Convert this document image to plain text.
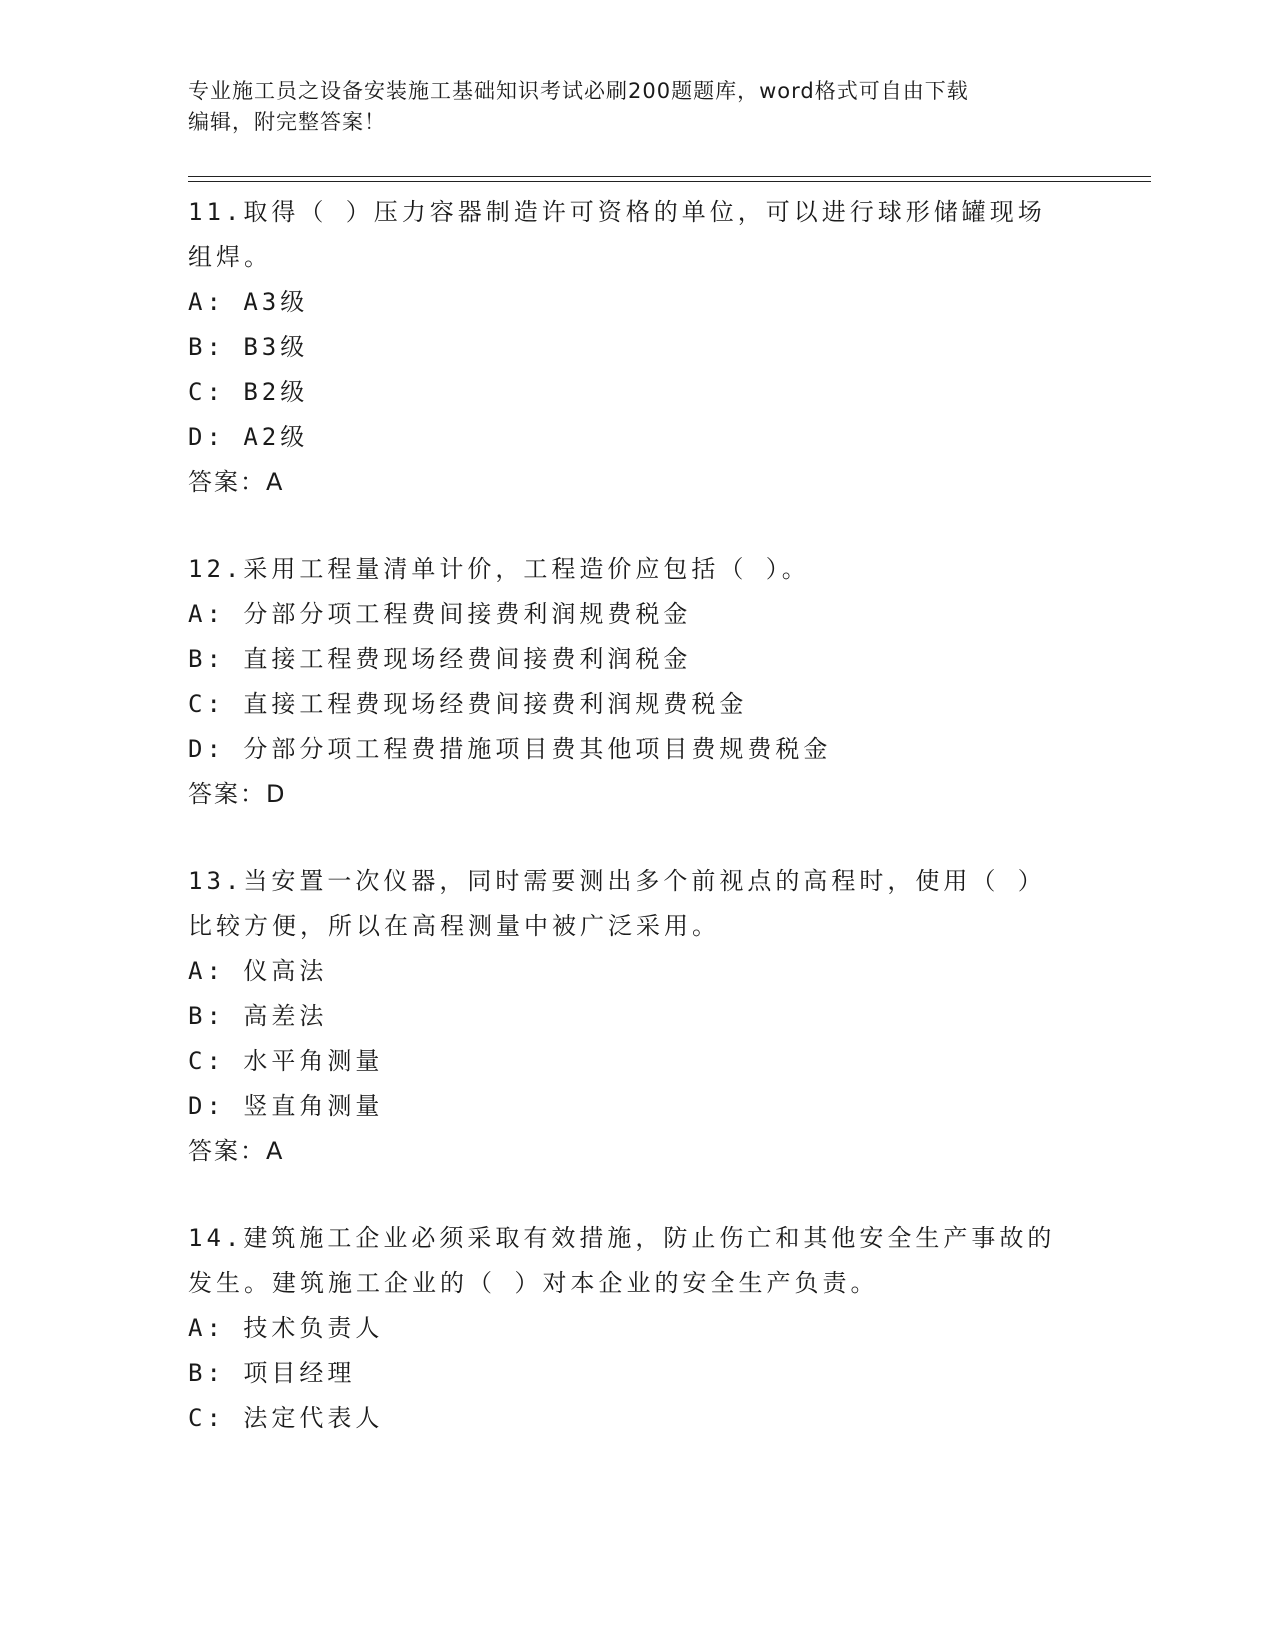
专业施工员之设备安装施工基础知识考试必刷200题题库，word格式可自由下载
编辑，附完整答案！
11.取得（ ）压力容器制造许可资格的单位，可以进行球形储罐现场
组焊。
A: A3级
B: B3级
C: B2级
D: A2级
答案：A
12.采用工程量清单计价，工程造价应包括（ ）。
A: 分部分项工程费间接费利润规费税金
B: 直接工程费现场经费间接费利润税金
C: 直接工程费现场经费间接费利润规费税金
D: 分部分项工程费措施项目费其他项目费规费税金
答案：D
13.当安置一次仪器，同时需要测出多个前视点的高程时，使用（ ）
比较方便，所以在高程测量中被广泛采用。
A: 仪高法
B: 高差法
C: 水平角测量
D: 竖直角测量
答案：A
14.建筑施工企业必须采取有效措施，防止伤亡和其他安全生产事故的
发生。建筑施工企业的（ ）对本企业的安全生产负责。
A: 技术负责人
B: 项目经理
C: 法定代表人
